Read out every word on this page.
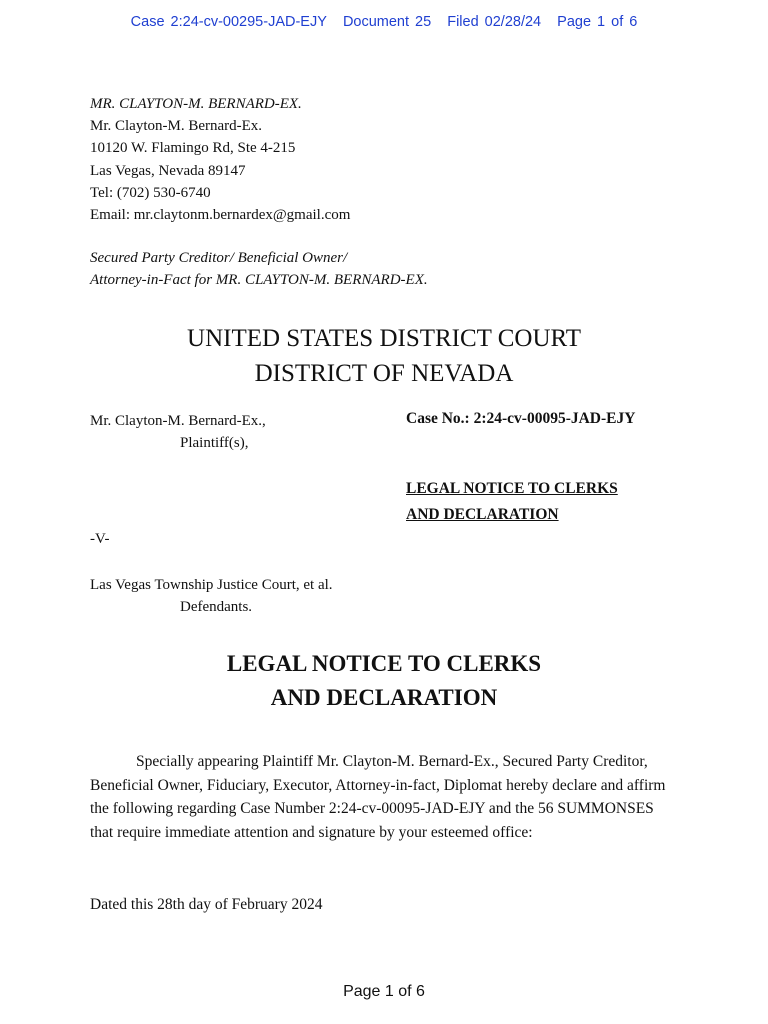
Case 2:24-cv-00295-JAD-EJY Document 25 Filed 02/28/24 Page 1 of 6
MR. CLAYTON-M. BERNARD-EX.
Mr. Clayton-M. Bernard-Ex.
10120 W. Flamingo Rd, Ste 4-215
Las Vegas, Nevada 89147
Tel: (702) 530-6740
Email: mr.claytonm.bernardex@gmail.com
Secured Party Creditor/ Beneficial Owner/
Attorney-in-Fact for MR. CLAYTON-M. BERNARD-EX.
UNITED STATES DISTRICT COURT
DISTRICT OF NEVADA
Mr. Clayton-M. Bernard-Ex.,
Plaintiff(s),
-V-
Las Vegas Township Justice Court, et al.
Defendants.
Case No.: 2:24-cv-00095-JAD-EJY
LEGAL NOTICE TO CLERKS
AND DECLARATION
LEGAL NOTICE TO CLERKS
AND DECLARATION

Specially appearing Plaintiff Mr. Clayton-M. Bernard-Ex., Secured Party Creditor, Beneficial Owner, Fiduciary, Executor, Attorney-in-fact, Diplomat hereby declare and affirm the following regarding Case Number 2:24-cv-00095-JAD-EJY and the 56 SUMMONSES that require immediate attention and signature by your esteemed office:

Dated this 28th day of February 2024
Page 1 of 6
